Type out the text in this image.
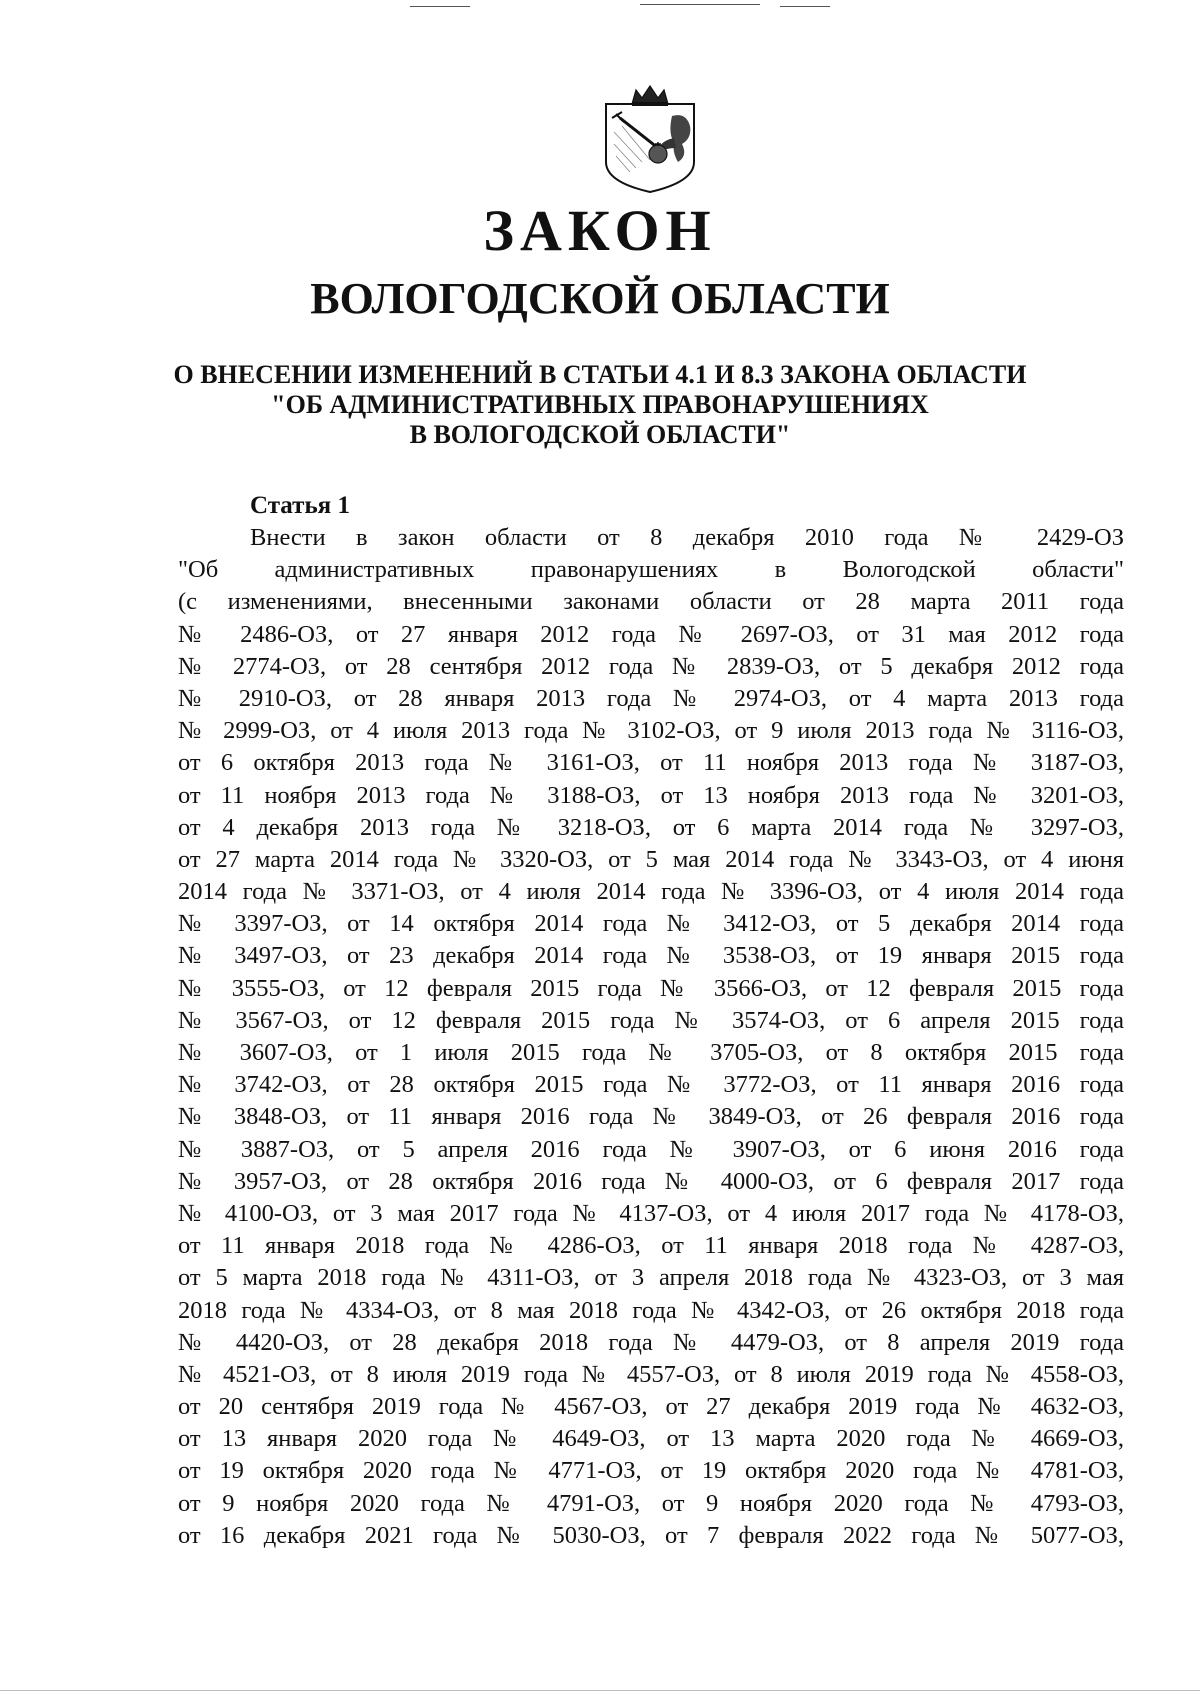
ЗАКОН
ВОЛОГОДСКОЙ ОБЛАСТИ
О ВНЕСЕНИИ ИЗМЕНЕНИЙ В СТАТЬИ 4.1 И 8.3 ЗАКОНА ОБЛАСТИ
"ОБ АДМИНИСТРАТИВНЫХ ПРАВОНАРУШЕНИЯХ
В ВОЛОГОДСКОЙ ОБЛАСТИ"
Статья 1
Внести в закон области от 8 декабря 2010 года № 2429-ОЗ
"Об административных правонарушениях в Вологодской области"
(с изменениями, внесенными законами области от 28 марта 2011 года
№ 2486-ОЗ, от 27 января 2012 года № 2697-ОЗ, от 31 мая 2012 года
№ 2774-ОЗ, от 28 сентября 2012 года № 2839-ОЗ, от 5 декабря 2012 года
№ 2910-ОЗ, от 28 января 2013 года № 2974-ОЗ, от 4 марта 2013 года
№ 2999-ОЗ, от 4 июля 2013 года № 3102-ОЗ, от 9 июля 2013 года № 3116-ОЗ,
от 6 октября 2013 года № 3161-ОЗ, от 11 ноября 2013 года № 3187-ОЗ,
от 11 ноября 2013 года № 3188-ОЗ, от 13 ноября 2013 года № 3201-ОЗ,
от 4 декабря 2013 года № 3218-ОЗ, от 6 марта 2014 года № 3297-ОЗ,
от 27 марта 2014 года № 3320-ОЗ, от 5 мая 2014 года № 3343-ОЗ, от 4 июня
2014 года № 3371-ОЗ, от 4 июля 2014 года № 3396-ОЗ, от 4 июля 2014 года
№ 3397-ОЗ, от 14 октября 2014 года № 3412-ОЗ, от 5 декабря 2014 года
№ 3497-ОЗ, от 23 декабря 2014 года № 3538-ОЗ, от 19 января 2015 года
№ 3555-ОЗ, от 12 февраля 2015 года № 3566-ОЗ, от 12 февраля 2015 года
№ 3567-ОЗ, от 12 февраля 2015 года № 3574-ОЗ, от 6 апреля 2015 года
№ 3607-ОЗ, от 1 июля 2015 года № 3705-ОЗ, от 8 октября 2015 года
№ 3742-ОЗ, от 28 октября 2015 года № 3772-ОЗ, от 11 января 2016 года
№ 3848-ОЗ, от 11 января 2016 года № 3849-ОЗ, от 26 февраля 2016 года
№ 3887-ОЗ, от 5 апреля 2016 года № 3907-ОЗ, от 6 июня 2016 года
№ 3957-ОЗ, от 28 октября 2016 года № 4000-ОЗ, от 6 февраля 2017 года
№ 4100-ОЗ, от 3 мая 2017 года № 4137-ОЗ, от 4 июля 2017 года № 4178-ОЗ,
от 11 января 2018 года № 4286-ОЗ, от 11 января 2018 года № 4287-ОЗ,
от 5 марта 2018 года № 4311-ОЗ, от 3 апреля 2018 года № 4323-ОЗ, от 3 мая
2018 года № 4334-ОЗ, от 8 мая 2018 года № 4342-ОЗ, от 26 октября 2018 года
№ 4420-ОЗ, от 28 декабря 2018 года № 4479-ОЗ, от 8 апреля 2019 года
№ 4521-ОЗ, от 8 июля 2019 года № 4557-ОЗ, от 8 июля 2019 года № 4558-ОЗ,
от 20 сентября 2019 года № 4567-ОЗ, от 27 декабря 2019 года № 4632-ОЗ,
от 13 января 2020 года № 4649-ОЗ, от 13 марта 2020 года № 4669-ОЗ,
от 19 октября 2020 года № 4771-ОЗ, от 19 октября 2020 года № 4781-ОЗ,
от 9 ноября 2020 года № 4791-ОЗ, от 9 ноября 2020 года № 4793-ОЗ,
от 16 декабря 2021 года № 5030-ОЗ, от 7 февраля 2022 года № 5077-ОЗ,
